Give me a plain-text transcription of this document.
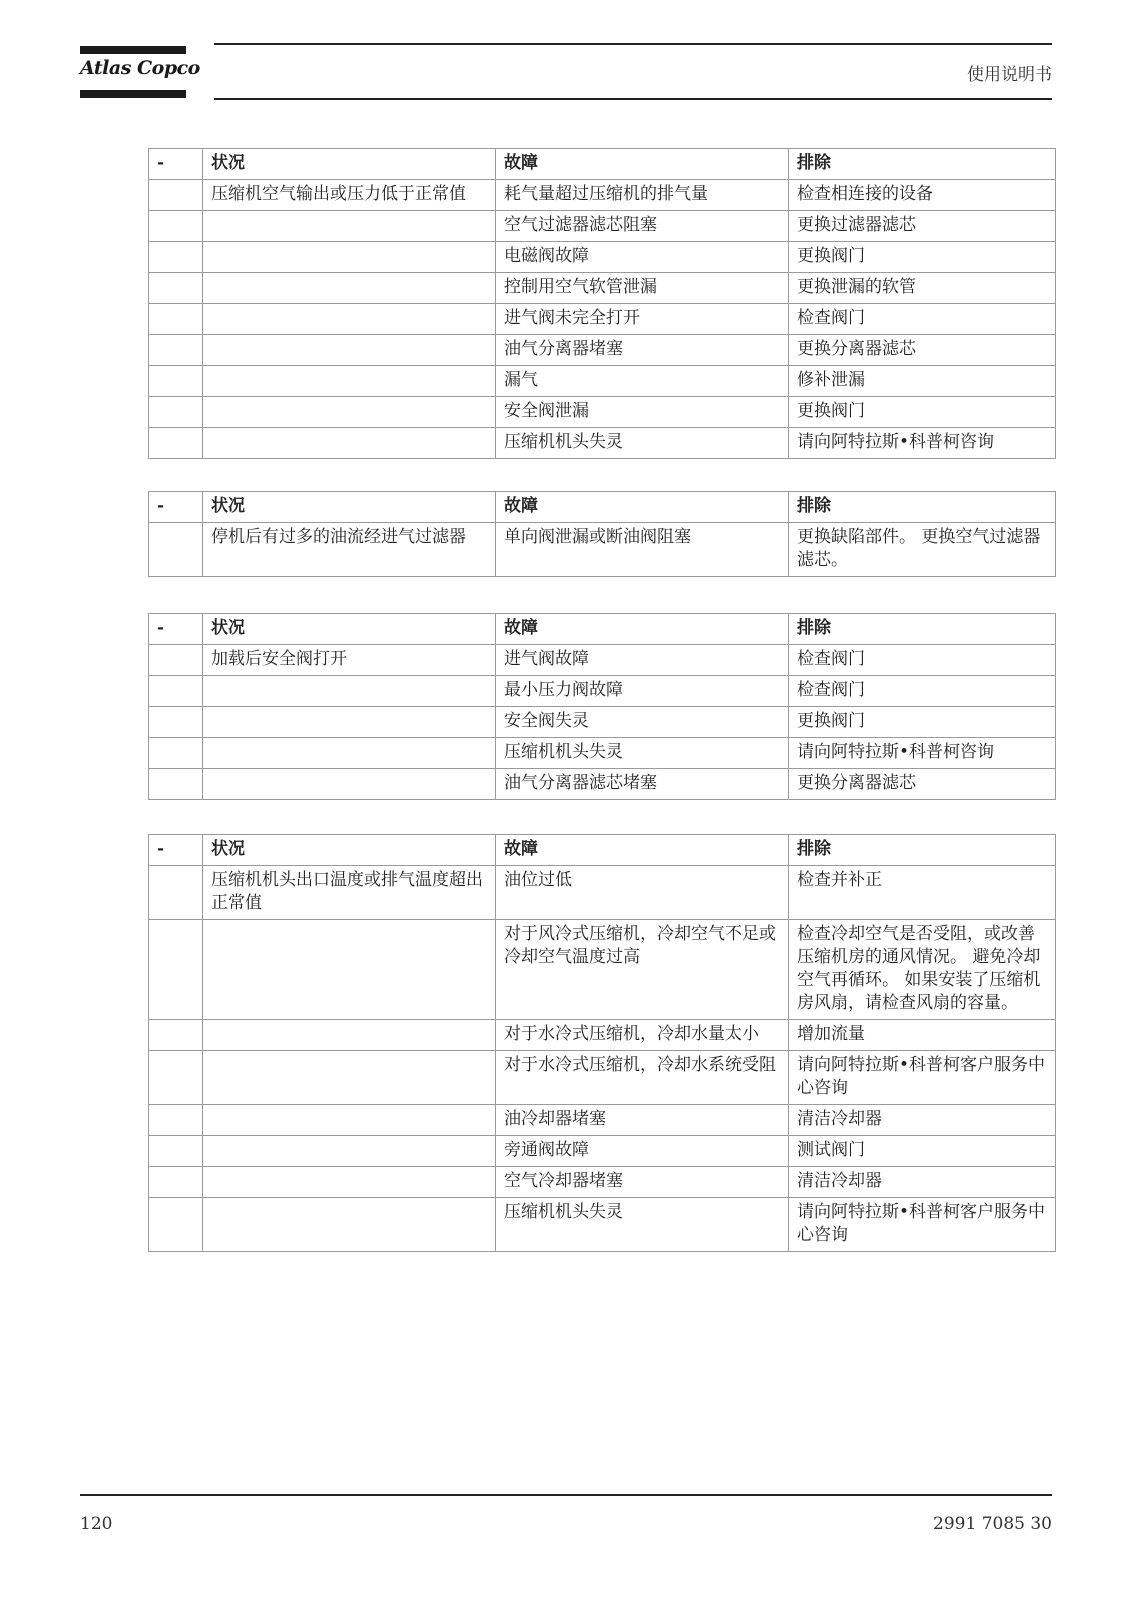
Atlas Copco	使用说明书
-	状况	故障	排除
	压缩机空气输出或压力低于正常值	耗气量超过压缩机的排气量	检查相连接的设备
		空气过滤器滤芯阻塞	更换过滤器滤芯
		电磁阀故障	更换阀门
		控制用空气软管泄漏	更换泄漏的软管
		进气阀未完全打开	检查阀门
		油气分离器堵塞	更换分离器滤芯
		漏气	修补泄漏
		安全阀泄漏	更换阀门
		压缩机机头失灵	请向阿特拉斯•科普柯咨询
-	状况	故障	排除
	停机后有过多的油流经进气过滤器	单向阀泄漏或断油阀阻塞	更换缺陷部件。 更换空气过滤器滤芯。
-	状况	故障	排除
	加载后安全阀打开	进气阀故障	检查阀门
		最小压力阀故障	检查阀门
		安全阀失灵	更换阀门
		压缩机机头失灵	请向阿特拉斯•科普柯咨询
		油气分离器滤芯堵塞	更换分离器滤芯
-	状况	故障	排除
	压缩机机头出口温度或排气温度超出正常值	油位过低	检查并补正
		对于风冷式压缩机，冷却空气不足或冷却空气温度过高	检查冷却空气是否受阻，或改善压缩机房的通风情况。 避免冷却空气再循环。 如果安装了压缩机房风扇，请检查风扇的容量。
		对于水冷式压缩机，冷却水量太小	增加流量
		对于水冷式压缩机，冷却水系统受阻	请向阿特拉斯•科普柯客户服务中心咨询
		油冷却器堵塞	清洁冷却器
		旁通阀故障	测试阀门
		空气冷却器堵塞	清洁冷却器
		压缩机机头失灵	请向阿特拉斯•科普柯客户服务中心咨询
120	2991 7085 30
